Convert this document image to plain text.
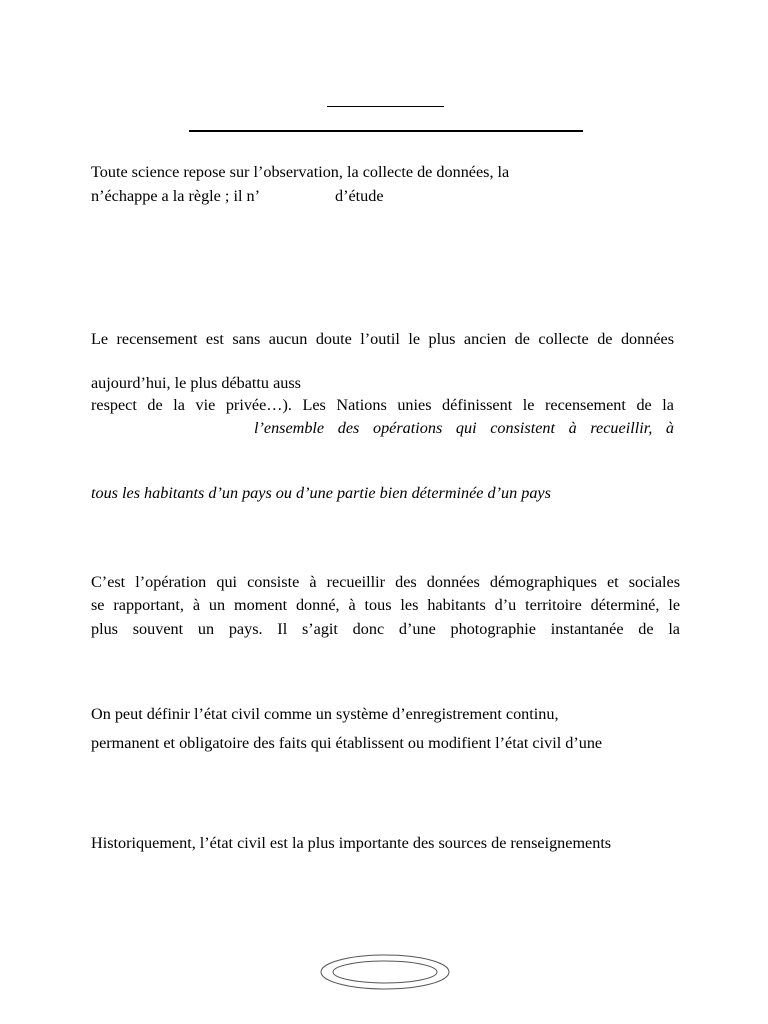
Toute science repose sur l’observation, la collecte de données, la
n’échappe a la règle ; il n’	d’étude
Le recensement est sans aucun doute l’outil le plus ancien de collecte de données
aujourd’hui, le plus débattu auss
respect de la vie privée…). Les Nations unies définissent le recensement de la
l’ensemble des opérations qui consistent à recueillir, à
tous les habitants d’un pays ou d’une partie bien déterminée d’un pays
C’est l’opération qui consiste à recueillir des données démographiques et sociales
se rapportant, à un moment donné, à tous les habitants d’u territoire déterminé, le
plus souvent un pays. Il s’agit donc d’une photographie instantanée de la
On peut définir l’état civil comme un système d’enregistrement continu,
permanent et obligatoire des faits qui établissent ou modifient l’état civil d’une
Historiquement, l’état civil est la plus importante des sources de renseignements
